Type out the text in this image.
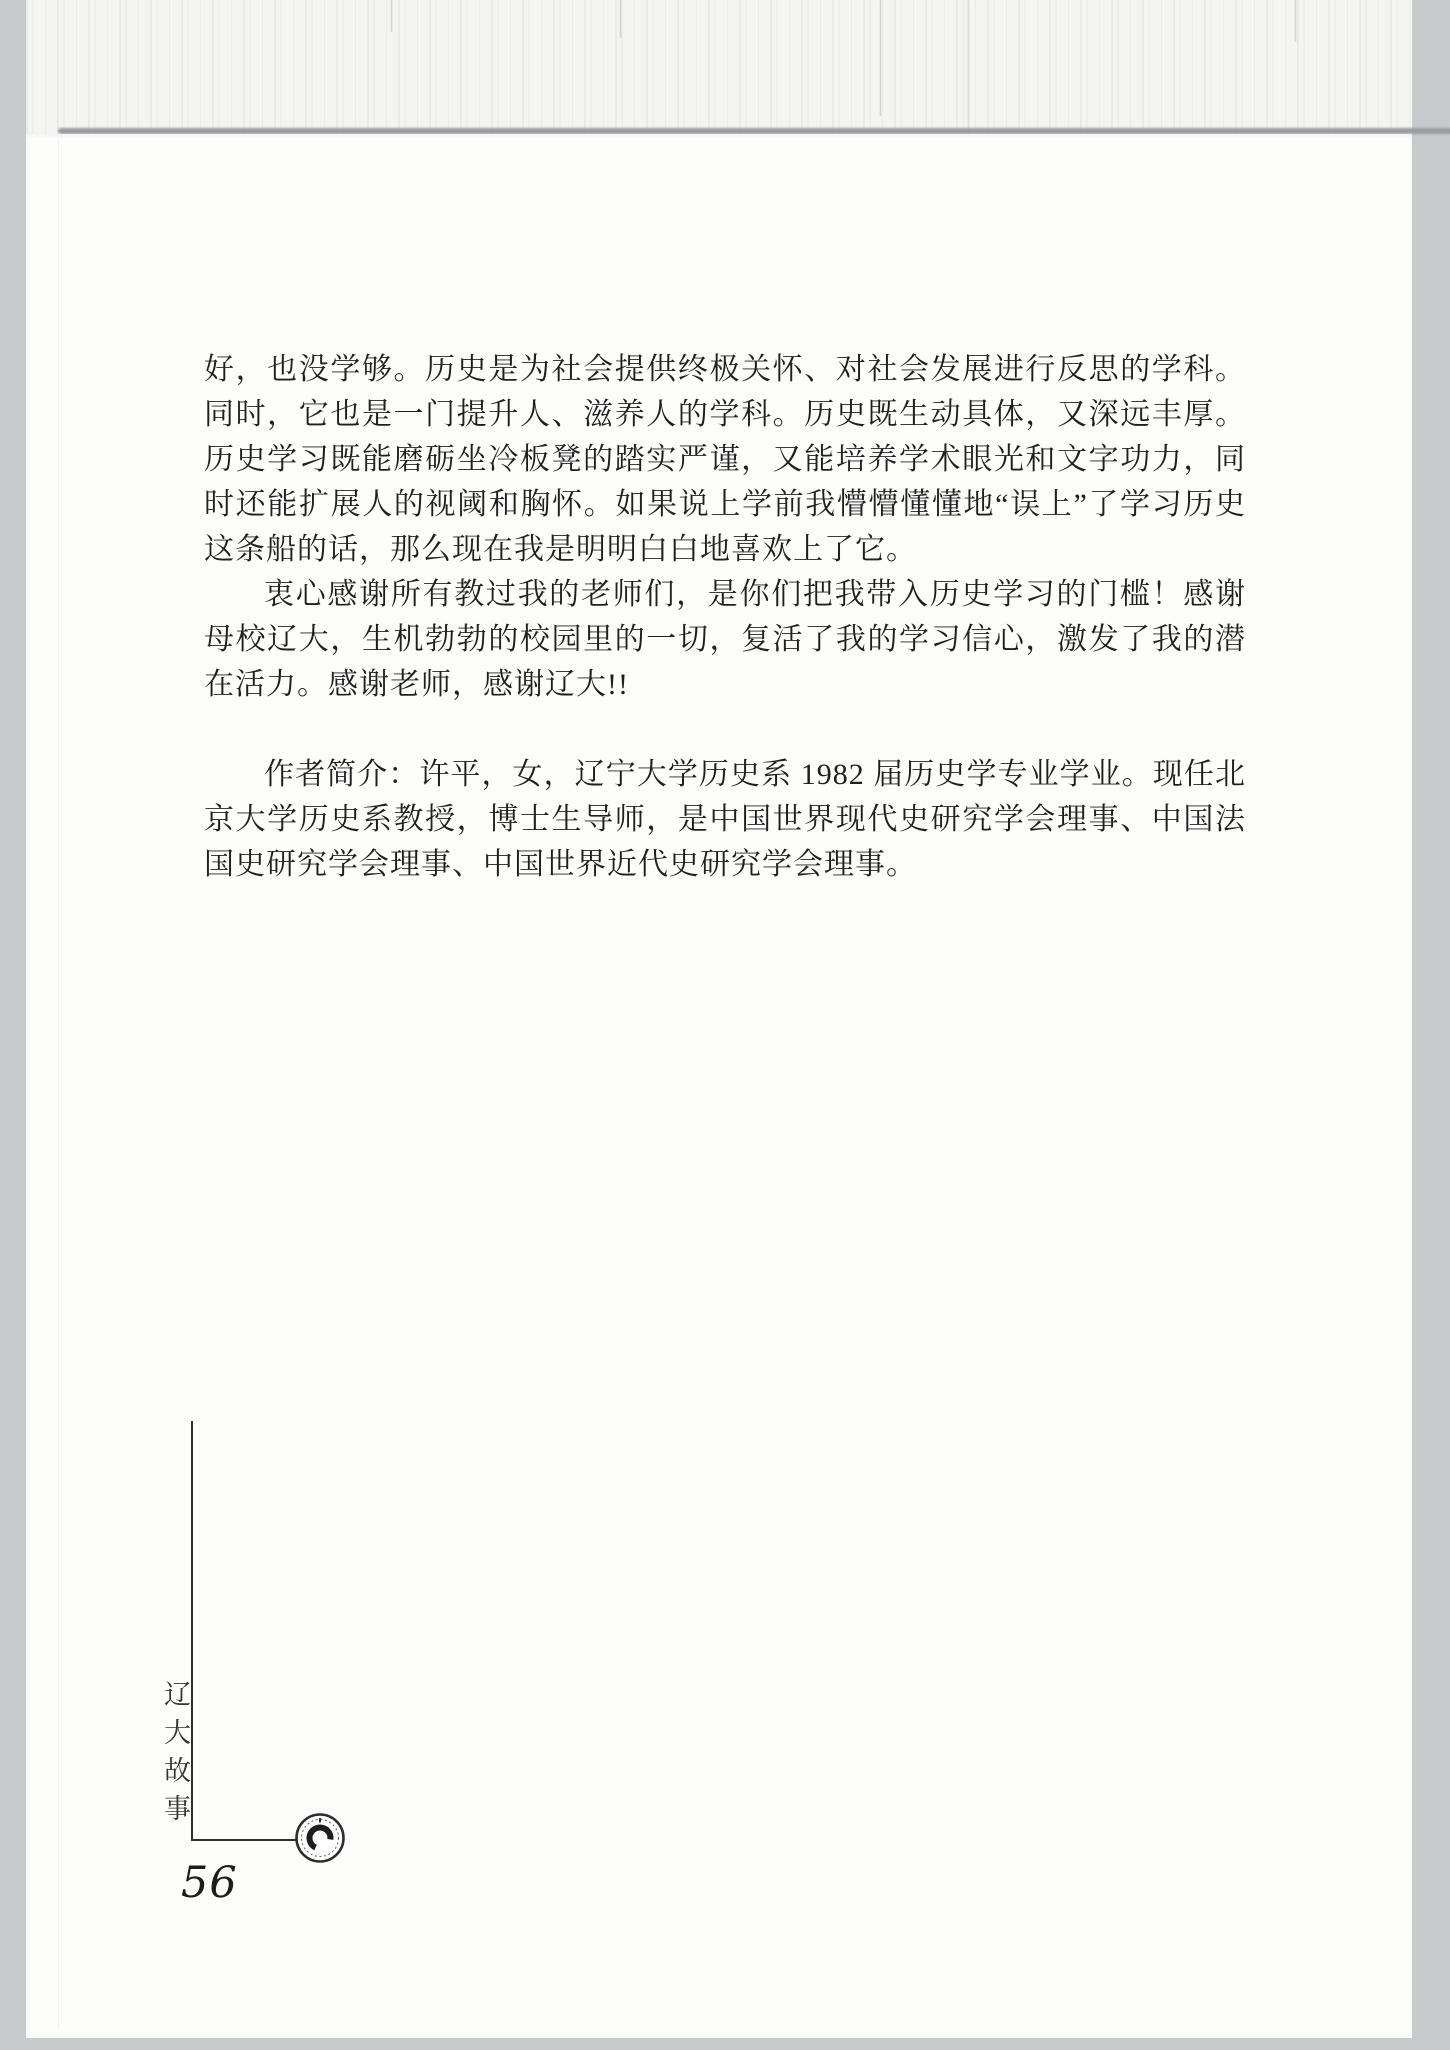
好，也没学够。历史是为社会提供终极关怀、对社会发展进行反思的学科。同时，它也是一门提升人、滋养人的学科。历史既生动具体，又深远丰厚。历史学习既能磨砺坐冷板凳的踏实严谨，又能培养学术眼光和文字功力，同时还能扩展人的视阈和胸怀。如果说上学前我懵懵懂懂地“误上”了学习历史这条船的话，那么现在我是明明白白地喜欢上了它。

衷心感谢所有教过我的老师们，是你们把我带入历史学习的门槛！感谢母校辽大，生机勃勃的校园里的一切，复活了我的学习信心，激发了我的潜在活力。感谢老师，感谢辽大!!

作者简介：许平，女，辽宁大学历史系 1982 届历史学专业学业。现任北京大学历史系教授，博士生导师，是中国世界现代史研究学会理事、中国法国史研究学会理事、中国世界近代史研究学会理事。

辽大故事
56
